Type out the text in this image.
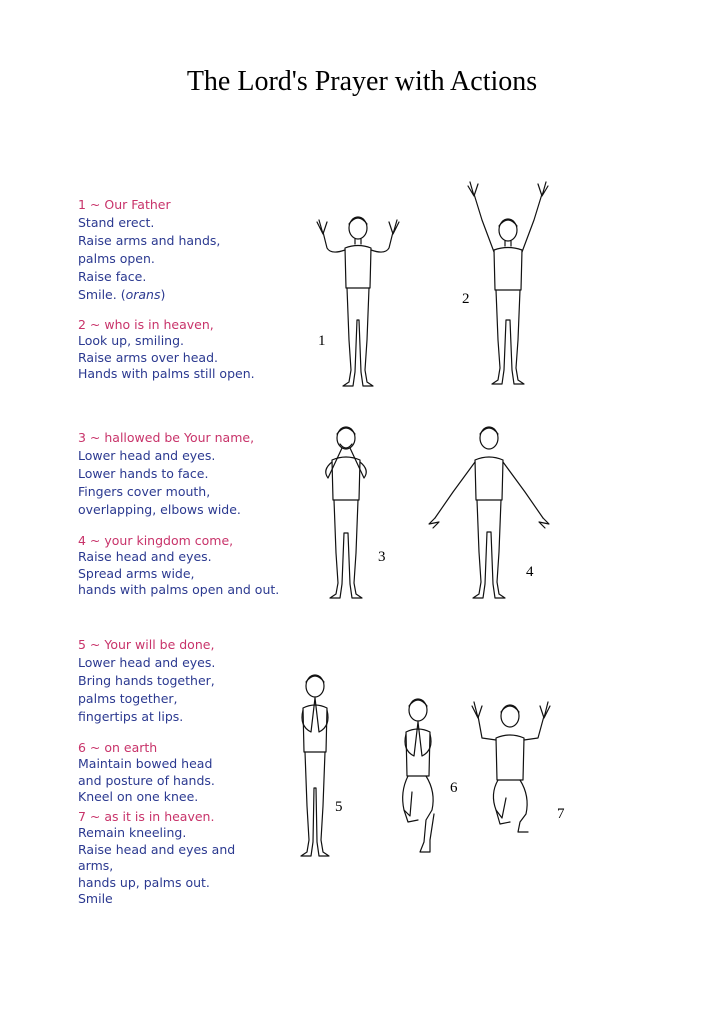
The Lord's Prayer with Actions

1 ~ Our Father

Stand erect.

Raise arms and hands,

palms open.

Raise face.

Smile. (orans)

2 ~ who is in heaven,

Look up, smiling.

Raise arms over head.

Hands with palms still open.

3 ~ hallowed be Your name,

Lower head and eyes.

Lower hands to face.

Fingers cover mouth,

overlapping, elbows wide.

4 ~ your kingdom come,

Raise head and eyes.

Spread arms wide,

hands with palms open and out.

5 ~ Your will be done,

Lower head and eyes.

Bring hands together,

palms together,

fingertips at lips.

6 ~ on earth

Maintain bowed head

and posture of hands.

Kneel on one knee.

7 ~ as it is in heaven.

Remain kneeling.

Raise head and eyes and

arms,

hands up, palms out.

Smile

1
2
3
4
5
6
7
